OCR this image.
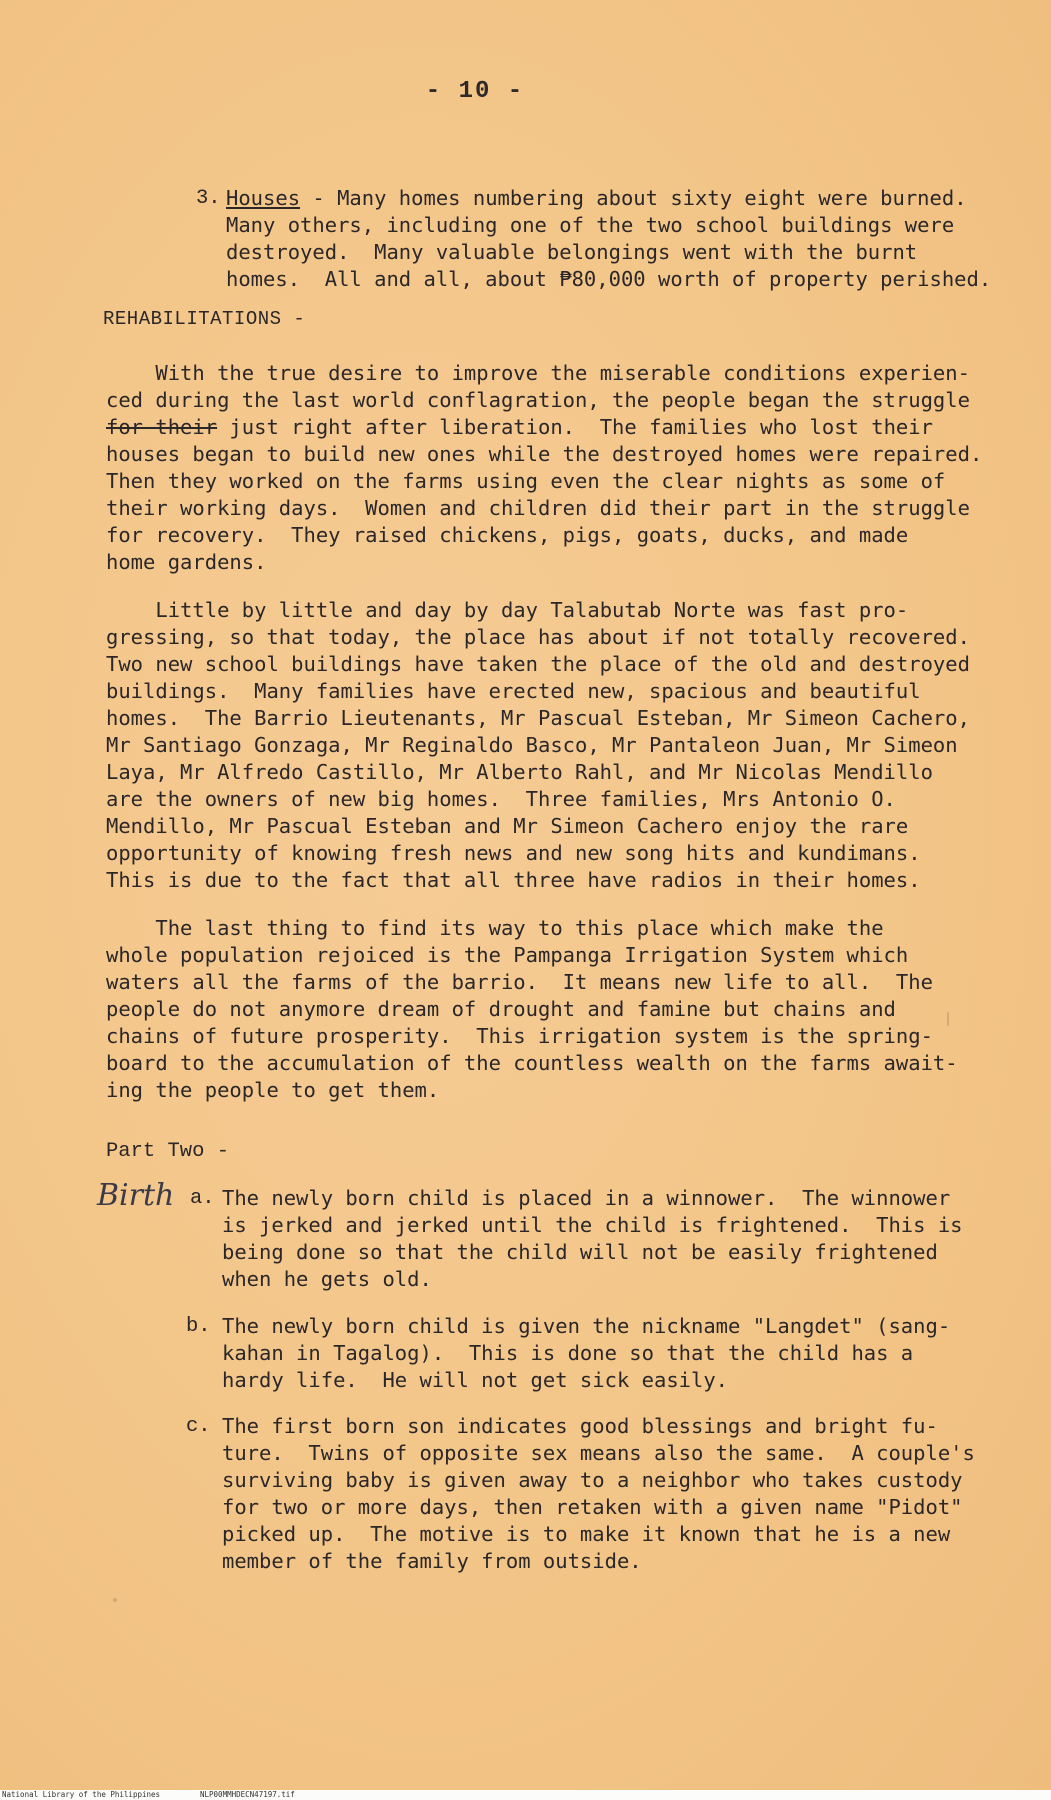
- 10 -
3. Houses - Many homes numbering about sixty eight were burned.
Many others, including one of the two school buildings were
destroyed.  Many valuable belongings went with the burnt
homes.  All and all, about ₱80,000 worth of property perished.
REHABILITATIONS -
With the true desire to improve the miserable conditions experien-
ced during the last world conflagration, the people began the struggle
for their just right after liberation.  The families who lost their
houses began to build new ones while the destroyed homes were repaired.
Then they worked on the farms using even the clear nights as some of
their working days.  Women and children did their part in the struggle
for recovery.  They raised chickens, pigs, goats, ducks, and made
home gardens.
Little by little and day by day Talabutab Norte was fast pro-
gressing, so that today, the place has about if not totally recovered.
Two new school buildings have taken the place of the old and destroyed
buildings.  Many families have erected new, spacious and beautiful
homes.  The Barrio Lieutenants, Mr Pascual Esteban, Mr Simeon Cachero,
Mr Santiago Gonzaga, Mr Reginaldo Basco, Mr Pantaleon Juan, Mr Simeon
Laya, Mr Alfredo Castillo, Mr Alberto Rahl, and Mr Nicolas Mendillo
are the owners of new big homes.  Three families, Mrs Antonio O.
Mendillo, Mr Pascual Esteban and Mr Simeon Cachero enjoy the rare
opportunity of knowing fresh news and new song hits and kundimans.
This is due to the fact that all three have radios in their homes.
The last thing to find its way to this place which make the
whole population rejoiced is the Pampanga Irrigation System which
waters all the farms of the barrio.  It means new life to all.  The
people do not anymore dream of drought and famine but chains and
chains of future prosperity.  This irrigation system is the spring-
board to the accumulation of the countless wealth on the farms await-
ing the people to get them.
Part Two -
Birth a. The newly born child is placed in a winnower.  The winnower
is jerked and jerked until the child is frightened.  This is
being done so that the child will not be easily frightened
when he gets old.
b. The newly born child is given the nickname "Langdet" (sang-
kahan in Tagalog).  This is done so that the child has a
hardy life.  He will not get sick easily.
c. The first born son indicates good blessings and bright fu-
ture.  Twins of opposite sex means also the same.  A couple's
surviving baby is given away to a neighbor who takes custody
for two or more days, then retaken with a given name "Pidot"
picked up.  The motive is to make it known that he is a new
member of the family from outside.
National Library of the Philippines	NLP00MMHDECN47197.tif
